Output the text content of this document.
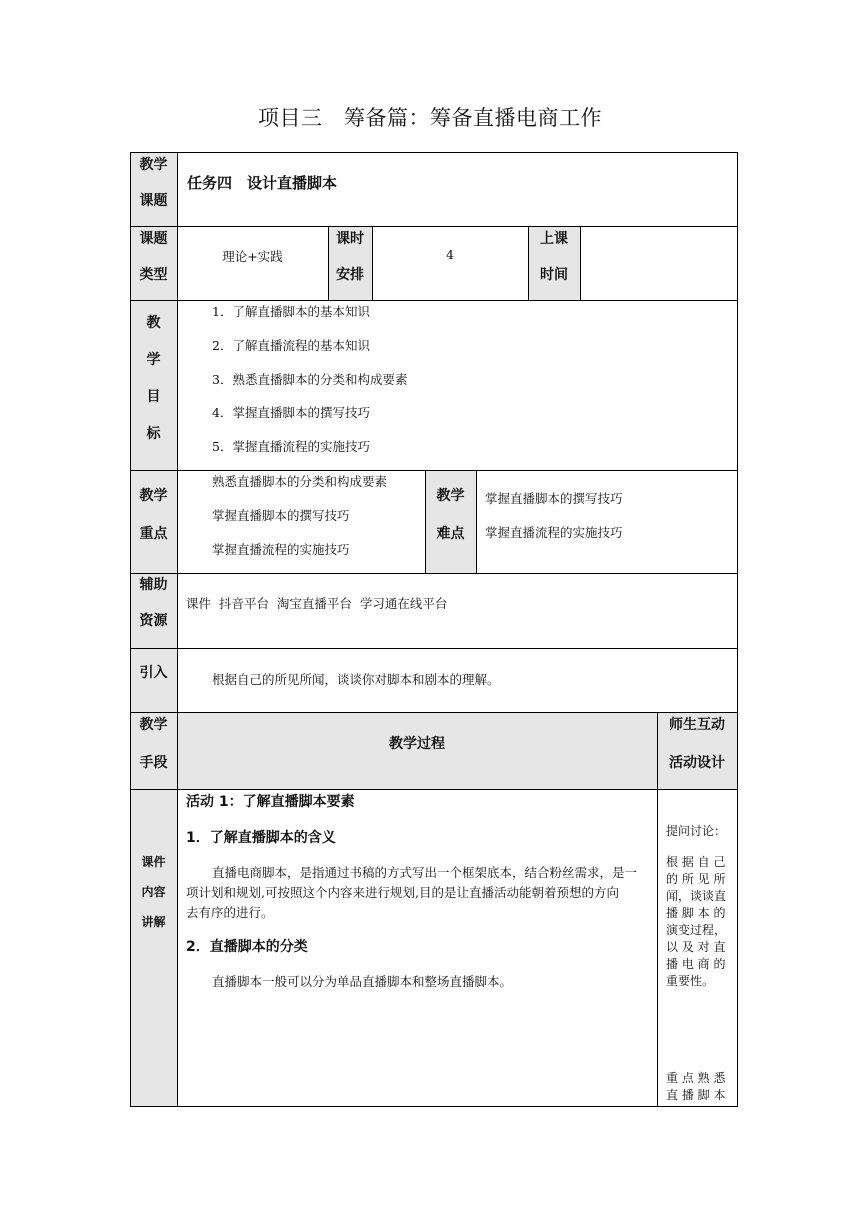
项目三　筹备篇：筹备直播电商工作
教学
课题
任务四　设计直播脚本
课题
类型
理论+实践
课时
安排
4
上课
时间
教
学
目
标
1．了解直播脚本的基本知识
2．了解直播流程的基本知识
3．熟悉直播脚本的分类和构成要素
4．掌握直播脚本的撰写技巧
5．掌握直播流程的实施技巧
教学
重点
熟悉直播脚本的分类和构成要素
掌握直播脚本的撰写技巧
掌握直播流程的实施技巧
教学
难点
掌握直播脚本的撰写技巧
掌握直播流程的实施技巧
辅助
资源
课件  抖音平台  淘宝直播平台  学习通在线平台
引入	根据自己的所见所闻，谈谈你对脚本和剧本的理解。
教学
手段
教学过程
师生互动
活动设计
课件
内容
讲解
活动 1：了解直播脚本要素
1．了解直播脚本的含义
直播电商脚本，是指通过书稿的方式写出一个框架底本，结合粉丝需求，是一
项计划和规划,可按照这个内容来进行规划,目的是让直播活动能朝着预想的方向
去有序的进行。
2．直播脚本的分类
直播脚本一般可以分为单品直播脚本和整场直播脚本。
提问讨论：
根 据 自 己
的 所 见 所
闻，谈谈直
播 脚 本 的
演变过程，
以 及 对 直
播 电 商 的
重要性。
重 点 熟 悉
直 播 脚 本
